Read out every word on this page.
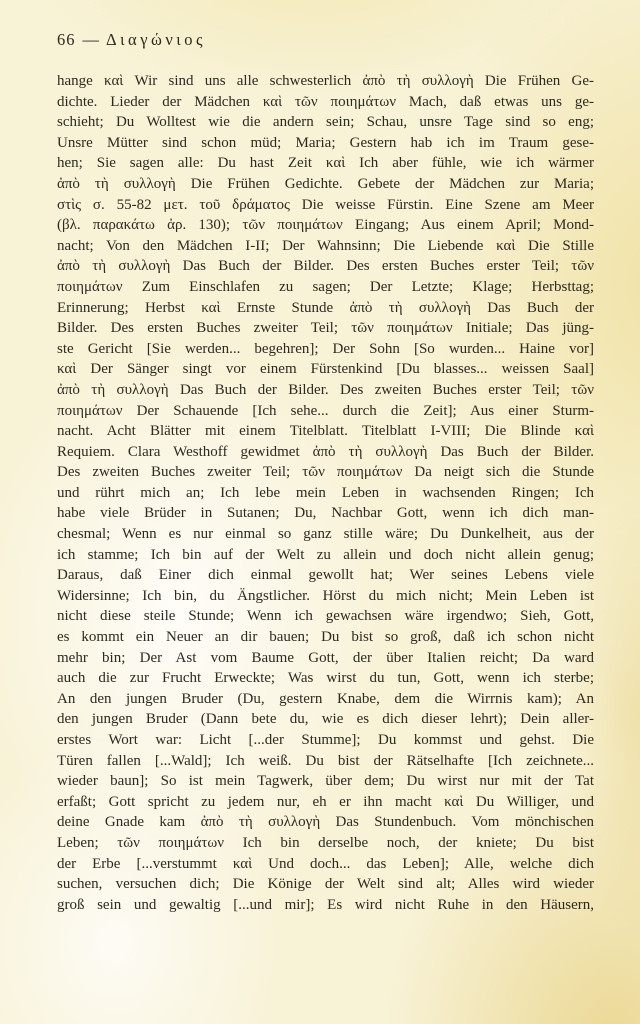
66 — Διαγώνιος
hange καὶ Wir sind uns alle schwesterlich ἀπὸ τὴ συλλογὴ Die Frühen Ge-
dichte. Lieder der Mädchen καὶ τῶν ποιημάτων Mach, daß etwas uns ge-
schieht; Du Wolltest wie die andern sein; Schau, unsre Tage sind so eng;
Unsre Mütter sind schon müd; Maria; Gestern hab ich im Traum gese-
hen; Sie sagen alle: Du hast Zeit καὶ Ich aber fühle, wie ich wärmer
ἀπὸ τὴ συλλογὴ Die Frühen Gedichte. Gebete der Mädchen zur Maria;
στὶς σ. 55-82 μετ. τοῦ δράματος Die weisse Fürstin. Eine Szene am Meer
(βλ. παρακάτω ἀρ. 130); τῶν ποιημάτων Eingang; Aus einem April; Mond-
nacht; Von den Mädchen I-II; Der Wahnsinn; Die Liebende καὶ Die Stille
ἀπὸ τὴ συλλογὴ Das Buch der Bilder. Des ersten Buches erster Teil; τῶν
ποιημάτων Zum Einschlafen zu sagen; Der Letzte; Klage; Herbsttag;
Erinnerung; Herbst καὶ Ernste Stunde ἀπὸ τὴ συλλογὴ Das Buch der
Bilder. Des ersten Buches zweiter Teil; τῶν ποιημάτων Initiale; Das jüng-
ste Gericht [Sie werden... begehren]; Der Sohn [So wurden... Haine vor]
καὶ Der Sänger singt vor einem Fürstenkind [Du blasses... weissen Saal]
ἀπὸ τὴ συλλογὴ Das Buch der Bilder. Des zweiten Buches erster Teil; τῶν
ποιημάτων Der Schauende [Ich sehe... durch die Zeit]; Aus einer Sturm-
nacht. Acht Blätter mit einem Titelblatt. Titelblatt I-VIII; Die Blinde καὶ
Requiem. Clara Westhoff gewidmet ἀπὸ τὴ συλλογὴ Das Buch der Bilder.
Des zweiten Buches zweiter Teil; τῶν ποιημάτων Da neigt sich die Stunde
und rührt mich an; Ich lebe mein Leben in wachsenden Ringen; Ich
habe viele Brüder in Sutanen; Du, Nachbar Gott, wenn ich dich man-
chesmal; Wenn es nur einmal so ganz stille wäre; Du Dunkelheit, aus der
ich stamme; Ich bin auf der Welt zu allein und doch nicht allein genug;
Daraus, daß Einer dich einmal gewollt hat; Wer seines Lebens viele
Widersinne; Ich bin, du Ängstlicher. Hörst du mich nicht; Mein Leben ist
nicht diese steile Stunde; Wenn ich gewachsen wäre irgendwo; Sieh, Gott,
es kommt ein Neuer an dir bauen; Du bist so groß, daß ich schon nicht
mehr bin; Der Ast vom Baume Gott, der über Italien reicht; Da ward
auch die zur Frucht Erweckte; Was wirst du tun, Gott, wenn ich sterbe;
An den jungen Bruder (Du, gestern Knabe, dem die Wirrnis kam); An
den jungen Bruder (Dann bete du, wie es dich dieser lehrt); Dein aller-
erstes Wort war: Licht [...der Stumme]; Du kommst und gehst. Die
Türen fallen [...Wald]; Ich weiß. Du bist der Rätselhafte [Ich zeichnete...
wieder baun]; So ist mein Tagwerk, über dem; Du wirst nur mit der Tat
erfaßt; Gott spricht zu jedem nur, eh er ihn macht καὶ Du Williger, und
deine Gnade kam ἀπὸ τὴ συλλογὴ Das Stundenbuch. Vom mönchischen
Leben; τῶν ποιημάτων Ich bin derselbe noch, der kniete; Du bist
der Erbe [...verstummt καὶ Und doch... das Leben]; Alle, welche dich
suchen, versuchen dich; Die Könige der Welt sind alt; Alles wird wieder
groß sein und gewaltig [...und mir]; Es wird nicht Ruhe in den Häusern,
